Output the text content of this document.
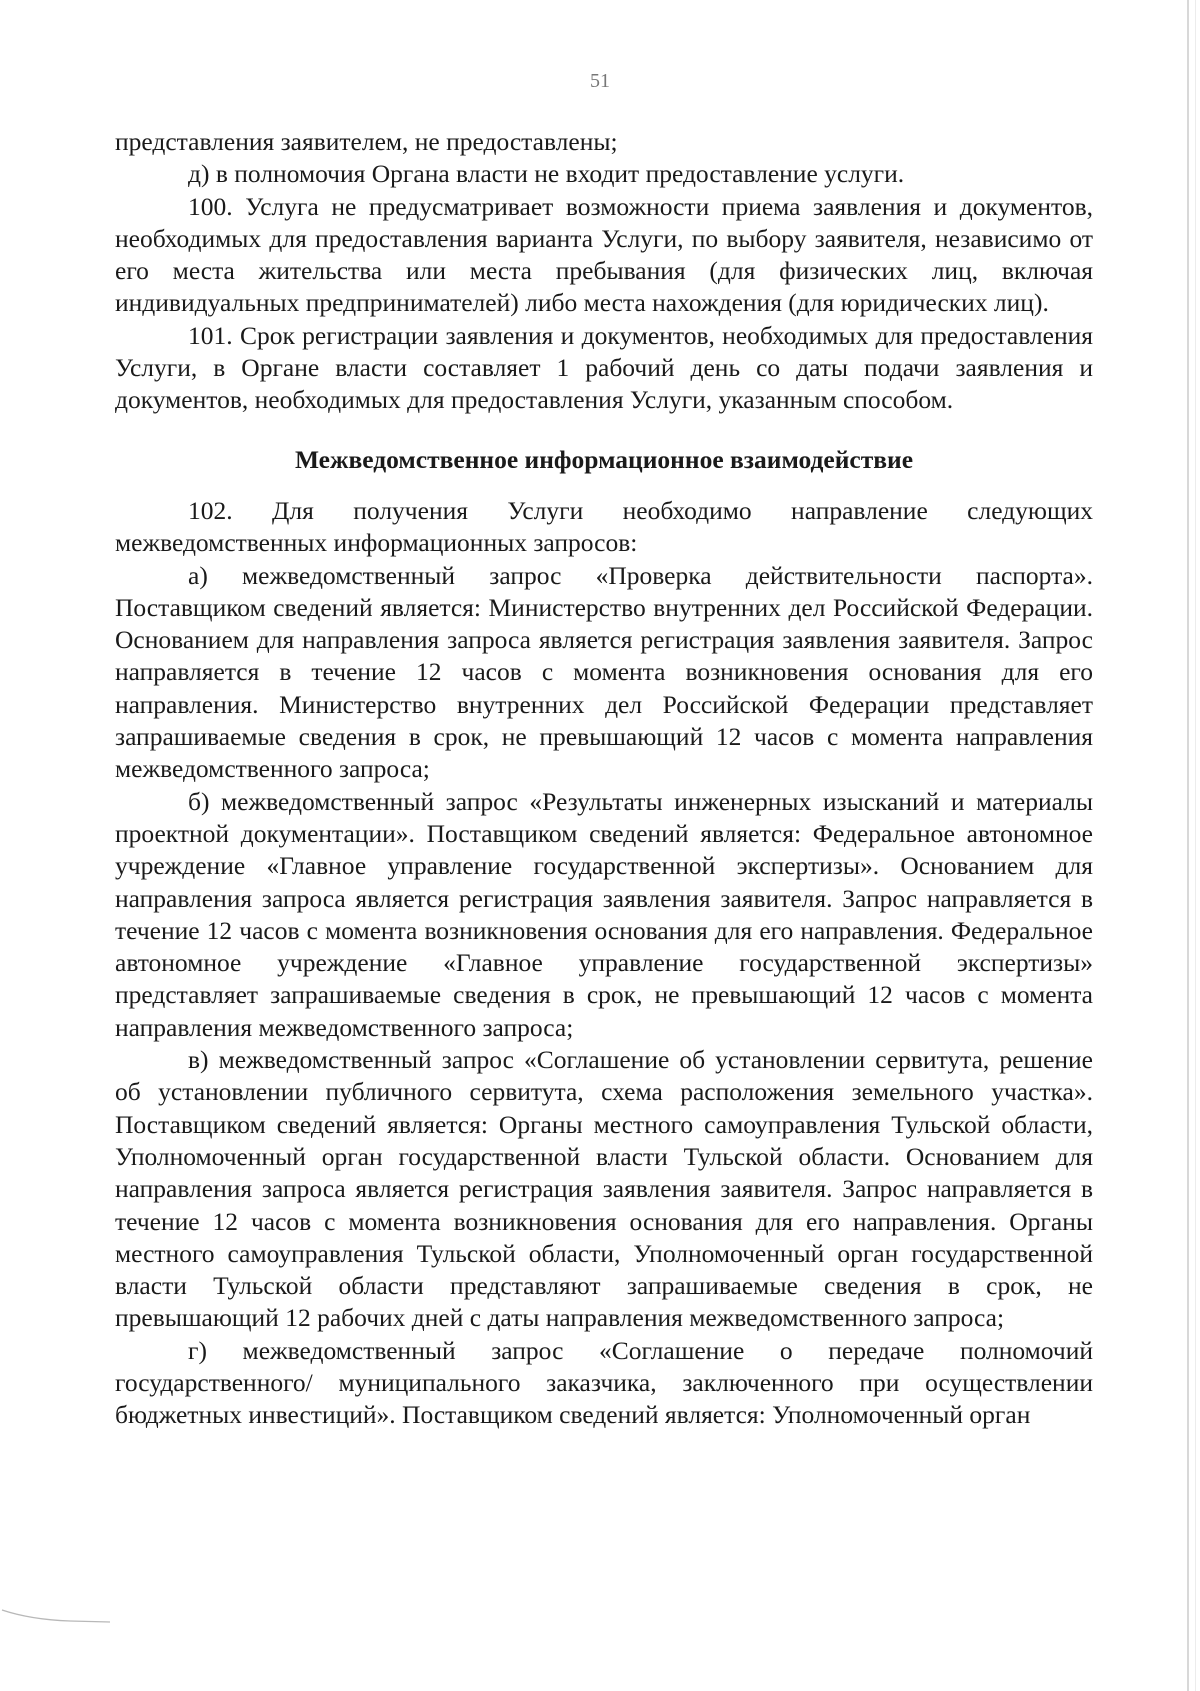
51

представления заявителем, не предоставлены;

д) в полномочия Органа власти не входит предоставление услуги.

100. Услуга не предусматривает возможности приема заявления и документов, необходимых для предоставления варианта Услуги, по выбору заявителя, независимо от его места жительства или места пребывания (для физических лиц, включая индивидуальных предпринимателей) либо места нахождения (для юридических лиц).

101. Срок регистрации заявления и документов, необходимых для предоставления Услуги, в Органе власти составляет 1 рабочий день со даты подачи заявления и документов, необходимых для предоставления Услуги, указанным способом.

Межведомственное информационное взаимодействие

102. Для получения Услуги необходимо направление следующих межведомственных информационных запросов:

а) межведомственный запрос «Проверка действительности паспорта». Поставщиком сведений является: Министерство внутренних дел Российской Федерации. Основанием для направления запроса является регистрация заявления заявителя. Запрос направляется в течение 12 часов с момента возникновения основания для его направления. Министерство внутренних дел Российской Федерации представляет запрашиваемые сведения в срок, не превышающий 12 часов с момента направления межведомственного запроса;

б) межведомственный запрос «Результаты инженерных изысканий и материалы проектной документации». Поставщиком сведений является: Федеральное автономное учреждение «Главное управление государственной экспертизы». Основанием для направления запроса является регистрация заявления заявителя. Запрос направляется в течение 12 часов с момента возникновения основания для его направления. Федеральное автономное учреждение «Главное управление государственной экспертизы» представляет запрашиваемые сведения в срок, не превышающий 12 часов с момента направления межведомственного запроса;

в) межведомственный запрос «Соглашение об установлении сервитута, решение об установлении публичного сервитута, схема расположения земельного участка». Поставщиком сведений является: Органы местного самоуправления Тульской области, Уполномоченный орган государственной власти Тульской области. Основанием для направления запроса является регистрация заявления заявителя. Запрос направляется в течение 12 часов с момента возникновения основания для его направления. Органы местного самоуправления Тульской области, Уполномоченный орган государственной власти Тульской области представляют запрашиваемые сведения в срок, не превышающий 12 рабочих дней с даты направления межведомственного запроса;

г) межведомственный запрос «Соглашение о передаче полномочий государственного/ муниципального заказчика, заключенного при осуществлении бюджетных инвестиций». Поставщиком сведений является: Уполномоченный орган
